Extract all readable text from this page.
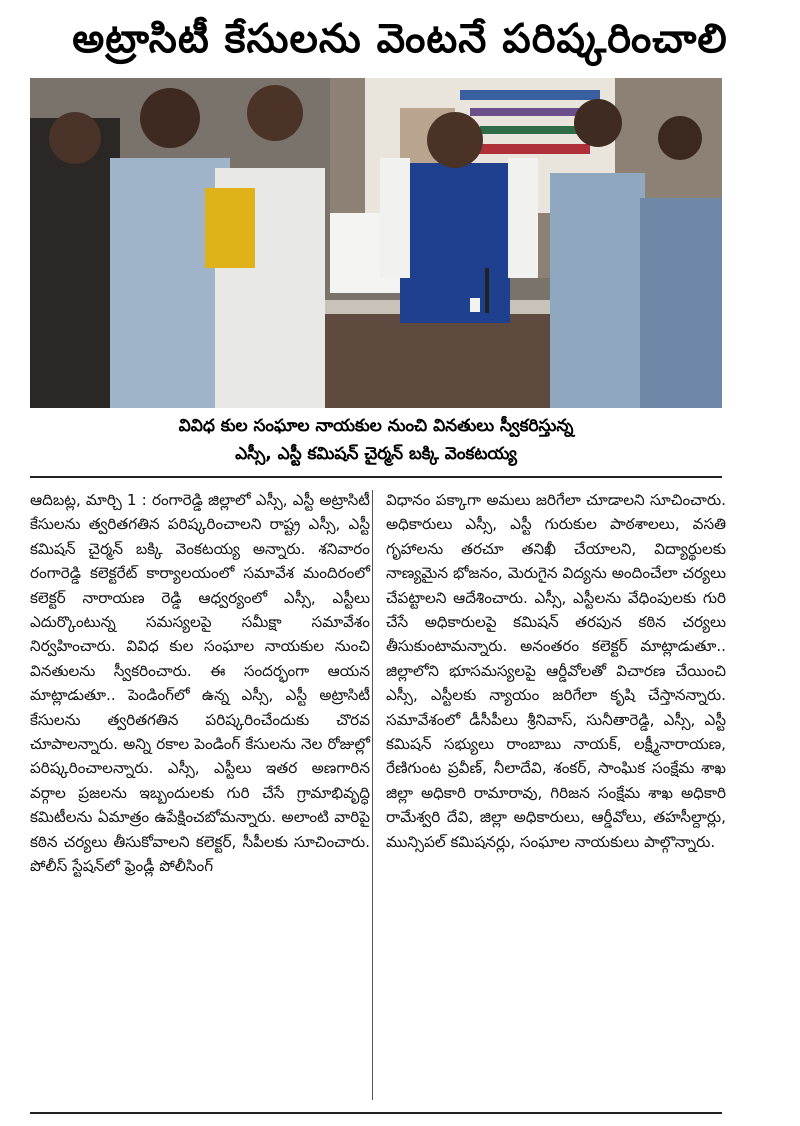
అట్రాసిటీ కేసులను వెంటనే పరిష్కరించాలి
వివిధ కుల సంఘాల నాయకుల నుంచి వినతులు స్వీకరిస్తున్న
ఎస్సీ, ఎస్టీ కమిషన్ చైర్మన్ బక్కి వెంకటయ్య

ఆదిబట్ల, మార్చి 1 : రంగారెడ్డి జిల్లాలో ఎస్సీ, ఎస్టీ అట్రాసిటీ కేసులను త్వరితగతిన పరిష్కరించాలని రాష్ట్ర ఎస్సీ, ఎస్టీ కమిషన్ చైర్మన్ బక్కి వెంకటయ్య అన్నారు. శనివారం రంగారెడ్డి కలెక్టరేట్ కార్యాలయంలో సమావేశ మందిరంలో కలెక్టర్ నారాయణ రెడ్డి ఆధ్వర్యంలో ఎస్సీ, ఎస్టీలు ఎదుర్కొంటున్న సమస్యలపై సమీక్షా సమావేశం నిర్వహించారు. వివిధ కుల సంఘాల నాయకుల నుంచి వినతులను స్వీకరించారు. ఈ సందర్భంగా ఆయన మాట్లాడుతూ.. పెండింగ్‌లో ఉన్న ఎస్సీ, ఎస్టీ అట్రాసిటీ కేసులను త్వరితగతిన పరిష్కరించేందుకు చొరవ చూపాలన్నారు. అన్ని రకాల పెండింగ్ కేసులను నెల రోజుల్లో పరిష్కరించాలన్నారు. ఎస్సీ, ఎస్టీలు ఇతర అణగారిన వర్గాల ప్రజలను ఇబ్బందులకు గురి చేసే గ్రామాభివృద్ధి కమిటీలను ఏమాత్రం ఉపేక్షించబోమన్నారు. అలాంటి వారిపై కఠిన చర్యలు తీసుకోవాలని కలెక్టర్, సీపీలకు సూచించారు. పోలీస్ స్టేషన్‌లో ఫ్రెండ్లీ పోలీసింగ్

విధానం పక్కాగా అమలు జరిగేలా చూడాలని సూచించారు. అధికారులు ఎస్సీ, ఎస్టీ గురుకుల పాఠశాలలు, వసతి గృహాలను తరచూ తనిఖీ చేయాలని, విద్యార్థులకు నాణ్యమైన భోజనం, మెరుగైన విద్యను అందించేలా చర్యలు చేపట్టాలని ఆదేశించారు. ఎస్సీ, ఎస్టీలను వేధింపులకు గురి చేసే అధికారులపై కమిషన్ తరపున కఠిన చర్యలు తీసుకుంటామన్నారు. అనంతరం కలెక్టర్ మాట్లాడుతూ.. జిల్లాలోని భూసమస్యలపై ఆర్డీవోలతో విచారణ చేయించి ఎస్సీ, ఎస్టీలకు న్యాయం జరిగేలా కృషి చేస్తానన్నారు. సమావేశంలో డీసీపీలు శ్రీనివాస్, సునీతారెడ్డి, ఎస్సీ, ఎస్టీ కమిషన్ సభ్యులు రాంబాబు నాయక్, లక్ష్మీనారాయణ, రేణిగుంట ప్రవీణ్, నీలాదేవి, శంకర్, సాంఘిక సంక్షేమ శాఖ జిల్లా అధికారి రామారావు, గిరిజన సంక్షేమ శాఖ అధికారి రామేశ్వరి దేవి, జిల్లా అధికారులు, ఆర్డీవోలు, తహసీల్దార్లు, మున్సిపల్ కమిషనర్లు, సంఘాల నాయకులు పాల్గొన్నారు.
